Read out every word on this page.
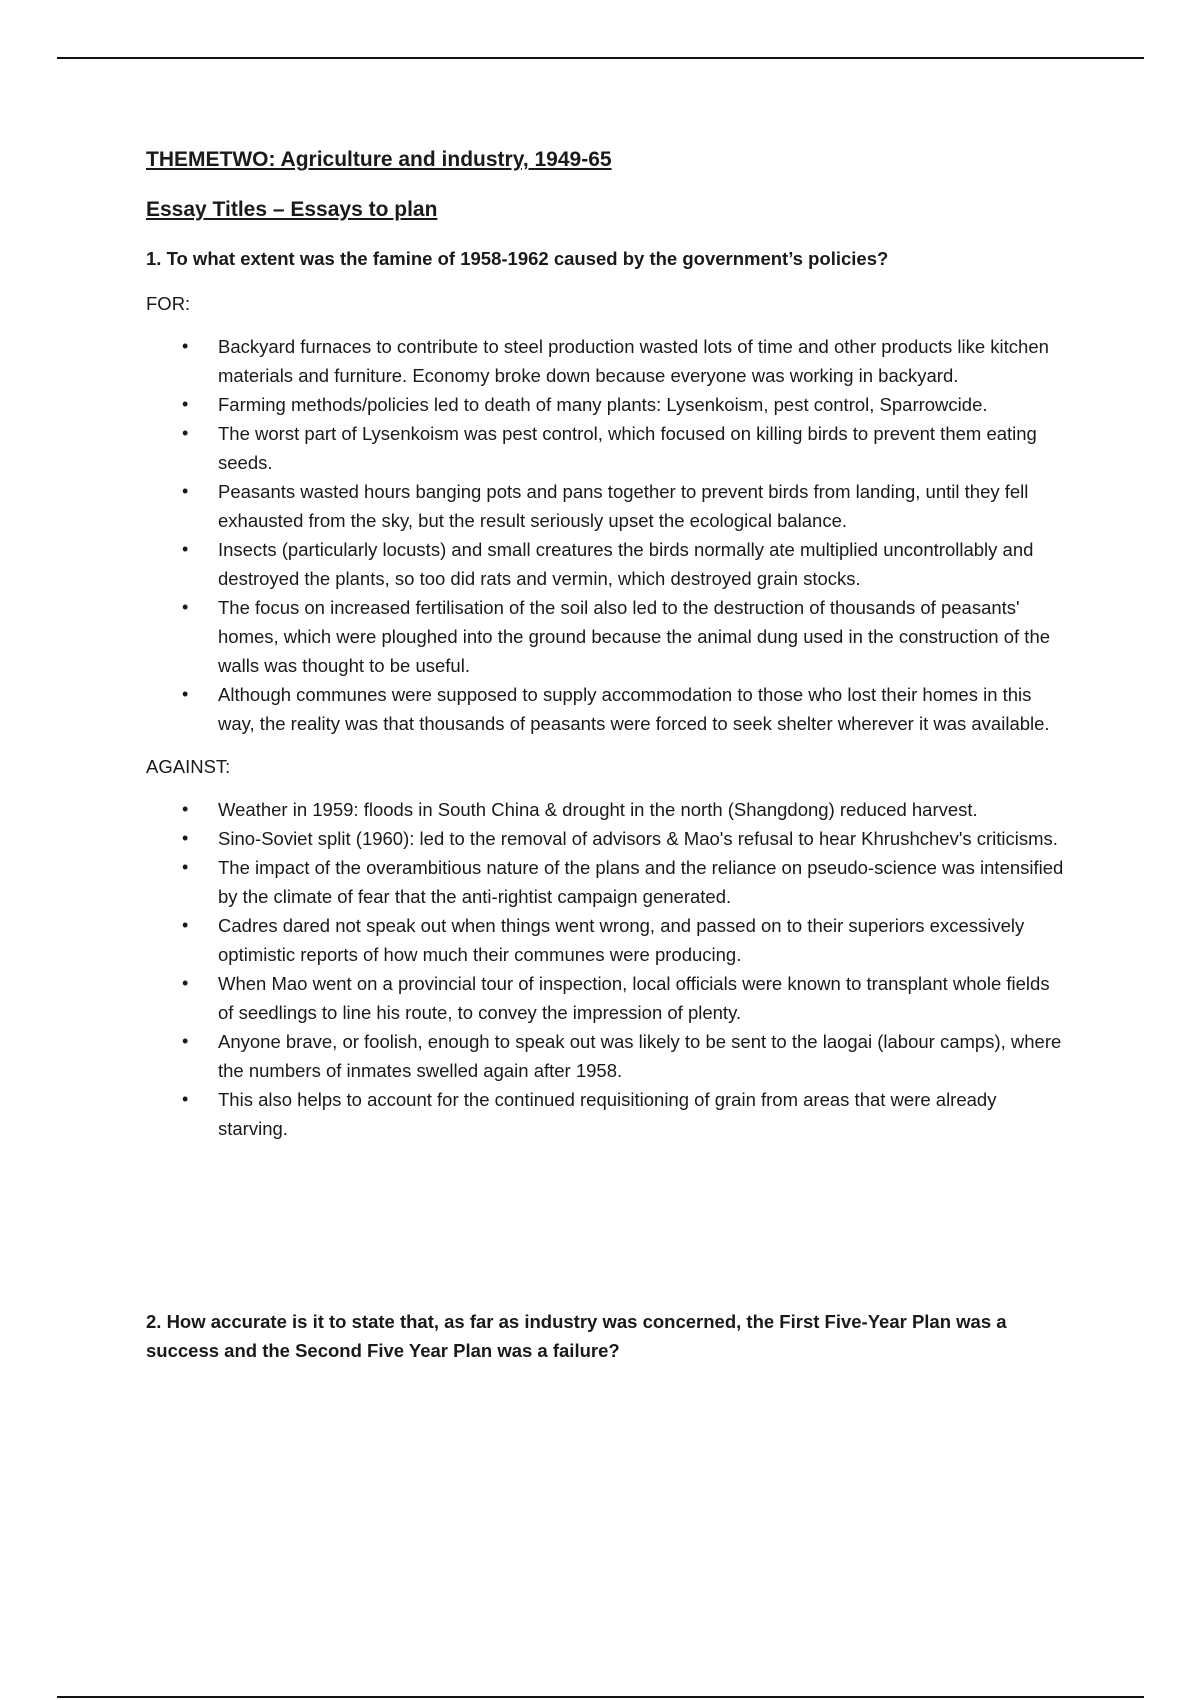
THEMETWO: Agriculture and industry, 1949-65
Essay Titles – Essays to plan
1. To what extent was the famine of 1958-1962 caused by the government’s policies?
FOR:
• Backyard furnaces to contribute to steel production wasted lots of time and other products like kitchen materials and furniture. Economy broke down because everyone was working in backyard.
• Farming methods/policies led to death of many plants: Lysenkoism, pest control, Sparrowcide.
• The worst part of Lysenkoism was pest control, which focused on killing birds to prevent them eating seeds.
• Peasants wasted hours banging pots and pans together to prevent birds from landing, until they fell exhausted from the sky, but the result seriously upset the ecological balance.
• Insects (particularly locusts) and small creatures the birds normally ate multiplied uncontrollably and destroyed the plants, so too did rats and vermin, which destroyed grain stocks.
• The focus on increased fertilisation of the soil also led to the destruction of thousands of peasants' homes, which were ploughed into the ground because the animal dung used in the construction of the walls was thought to be useful.
• Although communes were supposed to supply accommodation to those who lost their homes in this way, the reality was that thousands of peasants were forced to seek shelter wherever it was available.
AGAINST:
• Weather in 1959: floods in South China & drought in the north (Shangdong) reduced harvest.
• Sino-Soviet split (1960): led to the removal of advisors & Mao's refusal to hear Khrushchev's criticisms.
• The impact of the overambitious nature of the plans and the reliance on pseudo-science was intensified by the climate of fear that the anti-rightist campaign generated.
• Cadres dared not speak out when things went wrong, and passed on to their superiors excessively optimistic reports of how much their communes were producing.
• When Mao went on a provincial tour of inspection, local officials were known to transplant whole fields of seedlings to line his route, to convey the impression of plenty.
• Anyone brave, or foolish, enough to speak out was likely to be sent to the laogai (labour camps), where the numbers of inmates swelled again after 1958.
• This also helps to account for the continued requisitioning of grain from areas that were already starving.
2. How accurate is it to state that, as far as industry was concerned, the First Five-Year Plan was a success and the Second Five Year Plan was a failure?
